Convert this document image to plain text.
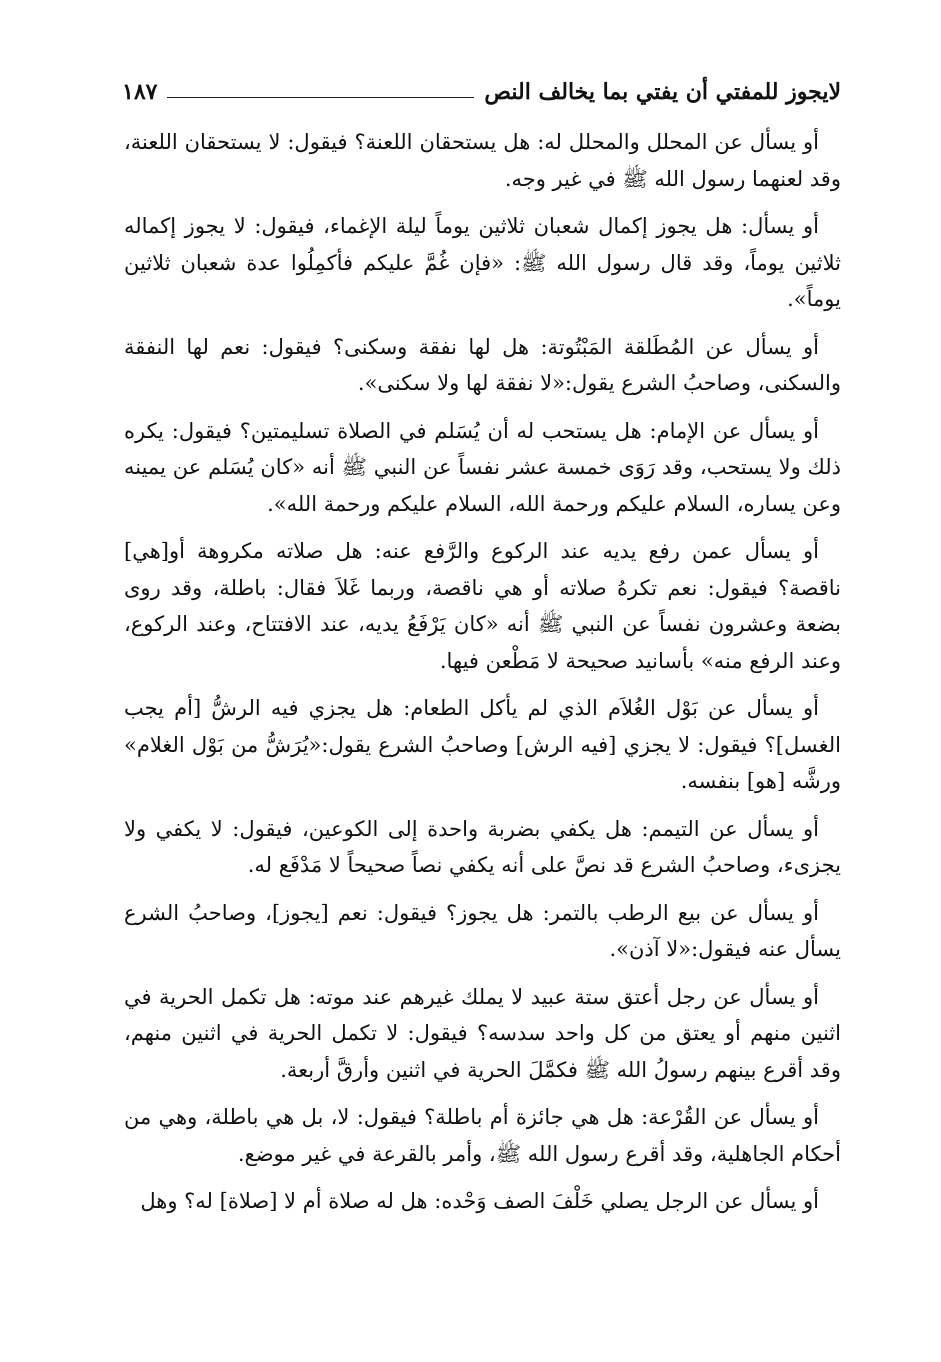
لايجوز للمفتي أن يفتي بما يخالف النص
١٨٧

أو يسأل عن المحلل والمحلل له: هل يستحقان اللعنة؟ فيقول: لا يستحقان اللعنة، وقد لعنهما رسول الله ﷺ في غير وجه.

أو يسأل: هل يجوز إكمال شعبان ثلاثين يوماً ليلة الإغماء، فيقول: لا يجوز إكماله ثلاثين يوماً، وقد قال رسول الله ﷺ: «فإن غُمَّ عليكم فأكمِلُوا عدة شعبان ثلاثين يوماً».

أو يسأل عن المُطَلقة المَبْتُوتة: هل لها نفقة وسكنى؟ فيقول: نعم لها النفقة والسكنى، وصاحبُ الشرع يقول:«لا نفقة لها ولا سكنى».

أو يسأل عن الإمام: هل يستحب له أن يُسَلم في الصلاة تسليمتين؟ فيقول: يكره ذلك ولا يستحب، وقد رَوَى خمسة عشر نفساً عن النبي ﷺ أنه «كان يُسَلم عن يمينه وعن يساره، السلام عليكم ورحمة الله، السلام عليكم ورحمة الله».

أو يسأل عمن رفع يديه عند الركوع والرَّفع عنه: هل صلاته مكروهة أو[هي] ناقصة؟ فيقول: نعم تكرهُ صلاته أو هي ناقصة، وربما غَلاَ فقال: باطلة، وقد روى بضعة وعشرون نفساً عن النبي ﷺ أنه «كان يَرْفَعُ يديه، عند الافتتاح، وعند الركوع، وعند الرفع منه» بأسانيد صحيحة لا مَطْعن فيها.

أو يسأل عن بَوْل الغُلاَم الذي لم يأكل الطعام: هل يجزي فيه الرشُّ [أم يجب الغسل]؟ فيقول: لا يجزي [فيه الرش] وصاحبُ الشرع يقول:«يُرَشُّ من بَوْل الغلام» ورشَّه [هو] بنفسه.

أو يسأل عن التيمم: هل يكفي بضربة واحدة إلى الكوعين، فيقول: لا يكفي ولا يجزىء، وصاحبُ الشرع قد نصَّ على أنه يكفي نصاً صحيحاً لا مَدْفَع له.

أو يسأل عن بيع الرطب بالتمر: هل يجوز؟ فيقول: نعم [يجوز]، وصاحبُ الشرع يسأل عنه فيقول:«لا آذن».

أو يسأل عن رجل أعتق ستة عبيد لا يملك غيرهم عند موته: هل تكمل الحرية في اثنين منهم أو يعتق من كل واحد سدسه؟ فيقول: لا تكمل الحرية في اثنين منهم، وقد أقرع بينهم رسولُ الله ﷺ فكمَّلَ الحرية في اثنين وأرقَّ أربعة.

أو يسأل عن القُرْعة: هل هي جائزة أم باطلة؟ فيقول: لا، بل هي باطلة، وهي من أحكام الجاهلية، وقد أقرع رسول الله ﷺ، وأمر بالقرعة في غير موضع.

أو يسأل عن الرجل يصلي خَلْفَ الصف وَحْده: هل له صلاة أم لا [صلاة] له؟ وهل
